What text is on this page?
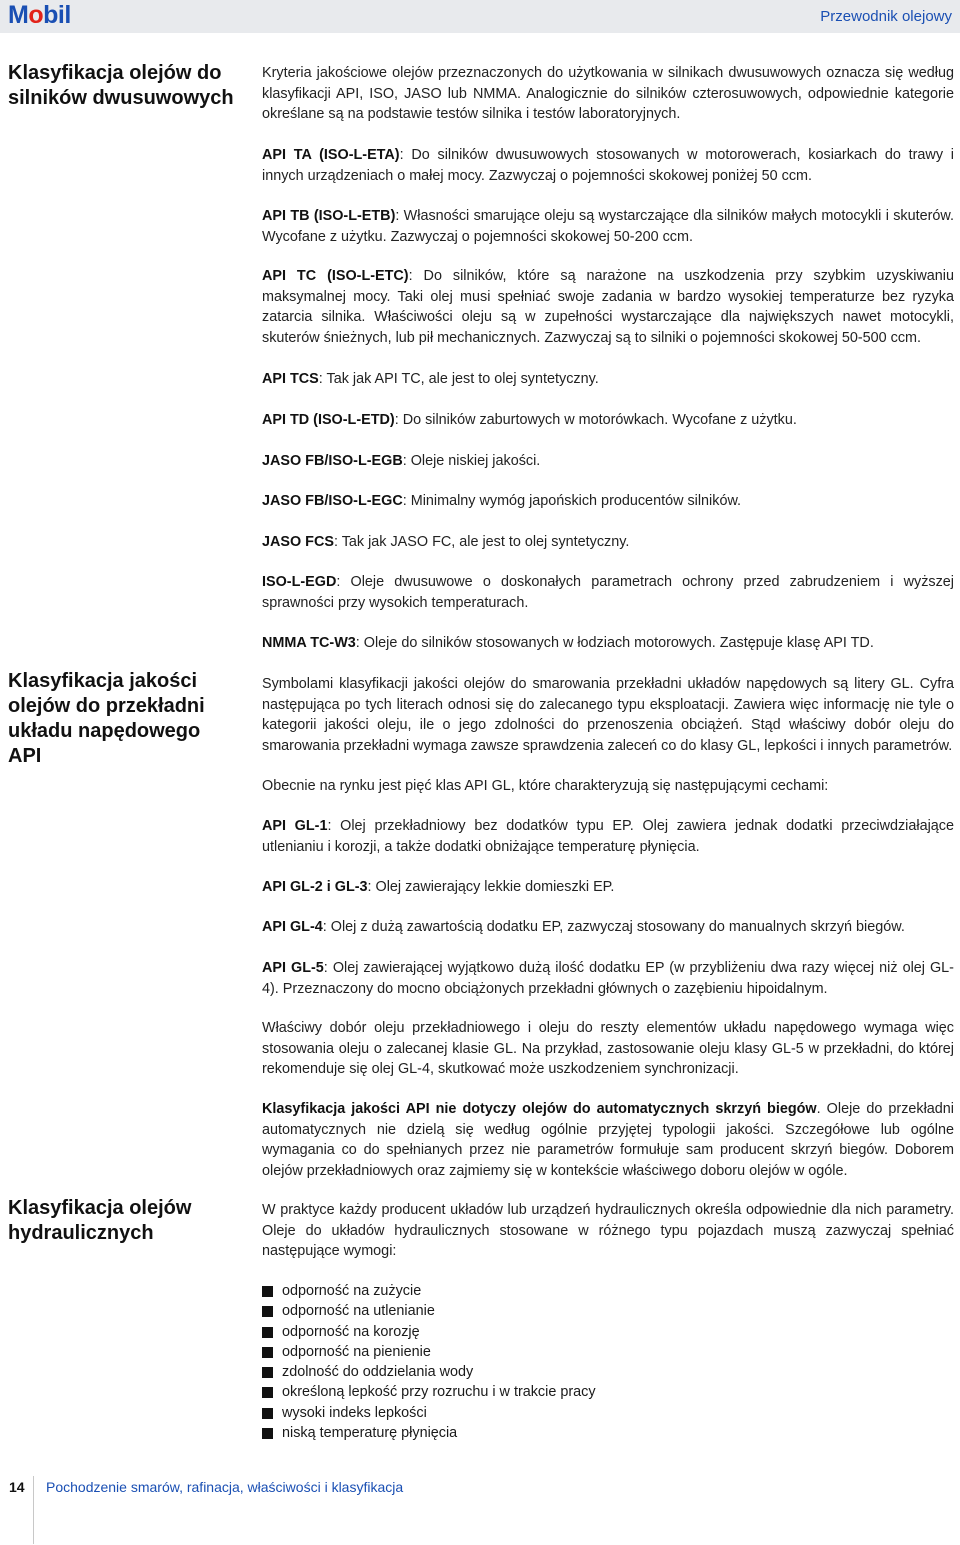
Mobil	Przewodnik olejowy
Klasyfikacja olejów do silników dwusuwowych
Klasyfikacja jakości olejów do przekładni układu napędowego API
Klasyfikacja olejów hydraulicznych

Kryteria jakościowe olejów przeznaczonych do użytkowania w silnikach dwusuwowych oznacza się według klasyfikacji API, ISO, JASO lub NMMA. Analogicznie do silników czterosuwowych, odpowiednie kategorie określane są na podstawie testów silnika i testów laboratoryjnych.

API TA (ISO-L-ETA): Do silników dwusuwowych stosowanych w motorowerach, kosiarkach do trawy i innych urządzeniach o małej mocy. Zazwyczaj o pojemności skokowej poniżej 50 ccm.

API TB (ISO-L-ETB): Własności smarujące oleju są wystarczające dla silników małych motocykli i skuterów. Wycofane z użytku. Zazwyczaj o pojemności skokowej 50-200 ccm.

API TC (ISO-L-ETC): Do silników, które są narażone na uszkodzenia przy szybkim uzyskiwaniu maksymalnej mocy. Taki olej musi spełniać swoje zadania w bardzo wysokiej temperaturze bez ryzyka zatarcia silnika. Właściwości oleju są w zupełności wystarczające dla największych nawet motocykli, skuterów śnieżnych, lub pił mechanicznych. Zazwyczaj są to silniki o pojemności skokowej 50-500 ccm.

API TCS: Tak jak API TC, ale jest to olej syntetyczny.

API TD (ISO-L-ETD): Do silników zaburtowych w motorówkach. Wycofane z użytku.

JASO FB/ISO-L-EGB: Oleje niskiej jakości.

JASO FB/ISO-L-EGC: Minimalny wymóg japońskich producentów silników.

JASO FCS: Tak jak JASO FC, ale jest to olej syntetyczny.

ISO-L-EGD: Oleje dwusuwowe o doskonałych parametrach ochrony przed zabrudzeniem i wyższej sprawności przy wysokich temperaturach.

NMMA TC-W3: Oleje do silników stosowanych w łodziach motorowych. Zastępuje klasę API TD.

Symbolami klasyfikacji jakości olejów do smarowania przekładni układów napędowych są litery GL. Cyfra następująca po tych literach odnosi się do zalecanego typu eksploatacji. Zawiera więc informację nie tyle o kategorii jakości oleju, ile o jego zdolności do przenoszenia obciążeń. Stąd właściwy dobór oleju do smarowania przekładni wymaga zawsze sprawdzenia zaleceń co do klasy GL, lepkości i innych parametrów.

Obecnie na rynku jest pięć klas API GL, które charakteryzują się następującymi cechami:

API GL-1: Olej przekładniowy bez dodatków typu EP. Olej zawiera jednak dodatki przeciwdziałające utlenianiu i korozji, a także dodatki obniżające temperaturę płynięcia.

API GL-2 i GL-3: Olej zawierający lekkie domieszki EP.

API GL-4: Olej z dużą zawartością dodatku EP, zazwyczaj stosowany do manualnych skrzyń biegów.

API GL-5: Olej zawierającej wyjątkowo dużą ilość dodatku EP (w przybliżeniu dwa razy więcej niż olej GL-4). Przeznaczony do mocno obciążonych przekładni głównych o zazębieniu hipoidalnym.

Właściwy dobór oleju przekładniowego i oleju do reszty elementów układu napędowego wymaga więc stosowania oleju o zalecanej klasie GL. Na przykład, zastosowanie oleju klasy GL-5 w przekładni, do której rekomenduje się olej GL-4, skutkować może uszkodzeniem synchronizacji.

Klasyfikacja jakości API nie dotyczy olejów do automatycznych skrzyń biegów. Oleje do przekładni automatycznych nie dzielą się według ogólnie przyjętej typologii jakości. Szczegółowe lub ogólne wymagania co do spełnianych przez nie parametrów formułuje sam producent skrzyń biegów. Doborem olejów przekładniowych oraz zajmiemy się w kontekście właściwego doboru olejów w ogóle.

W praktyce każdy producent układów lub urządzeń hydraulicznych określa odpowiednie dla nich parametry. Oleje do układów hydraulicznych stosowane w różnego typu pojazdach muszą zazwyczaj spełniać następujące wymogi:

odporność na zużycie
odporność na utlenianie
odporność na korozję
odporność na pienienie
zdolność do oddzielania wody
określoną lepkość przy rozruchu i w trakcie pracy
wysoki indeks lepkości
niską temperaturę płynięcia
14 Pochodzenie smarów, rafinacja, właściwości i klasyfikacja
